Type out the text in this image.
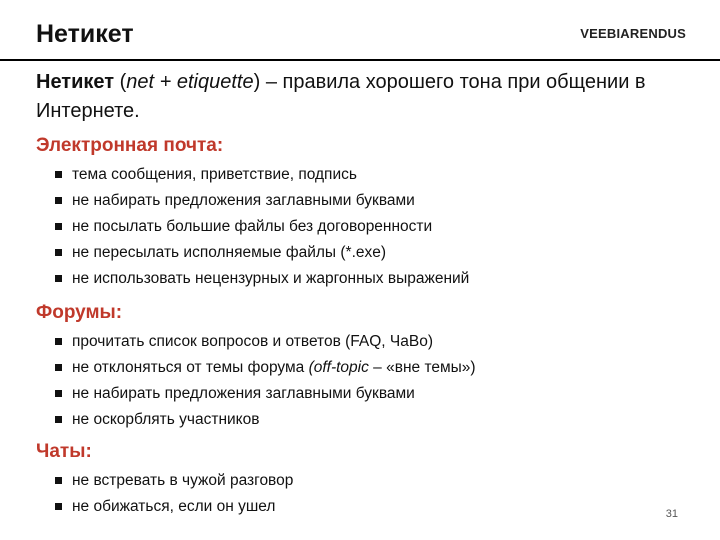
Нетикет	VEEBIARENDUS
Нетикет (net + etiquette) – правила хорошего тона при общении в Интернете.
Электронная почта:
тема сообщения, приветствие, подпись
не набирать предложения заглавными буквами
не посылать большие файлы без договоренности
не пересылать исполняемые файлы (*.exe)
не использовать нецензурных и жаргонных выражений
Форумы:
прочитать список вопросов и ответов (FAQ, ЧаВо)
не отклоняться от темы форума (off-topic – «вне темы»)
не набирать предложения заглавными буквами
не оскорблять участников
Чаты:
не встревать в чужой разговор
не обижаться, если он ушел	31
